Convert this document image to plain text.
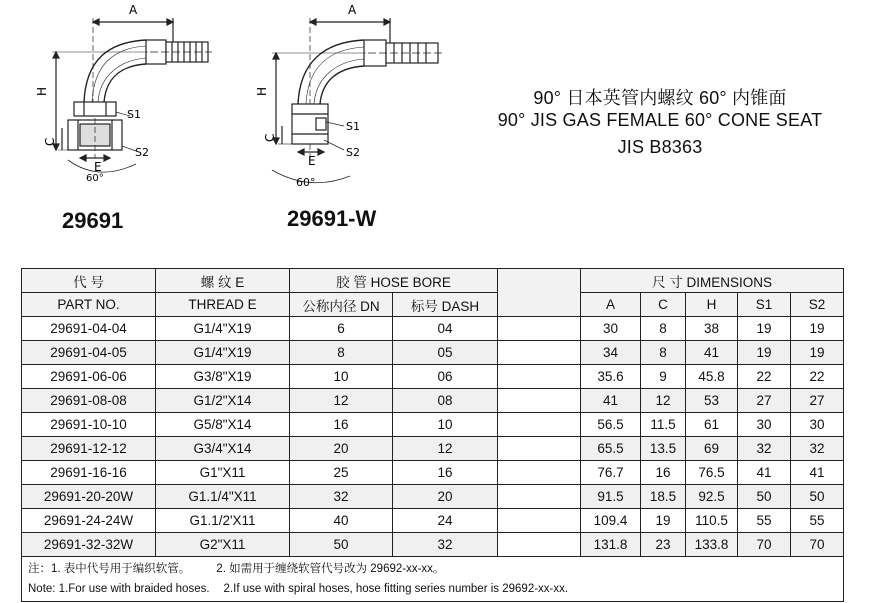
A
H
C
E
S1
S2
60°
29691
A
H
C
E
S1
S2
60°
29691-W
90° 日本英管内螺纹 60° 内锥面
90° JIS GAS FEMALE 60° CONE SEAT
JIS B8363
代 号	螺 纹 E	胶 管 HOSE BORE			尺 寸 DIMENSIONS				
PART NO.	THREAD E	公称内径 DN	标号 DASH		A	C	H	S1	S2
29691-04-04	G1/4"X19	6	04		30	8	38	19	19
29691-04-05	G1/4"X19	8	05		34	8	41	19	19
29691-06-06	G3/8"X19	10	06		35.6	9	45.8	22	22
29691-08-08	G1/2"X14	12	08		41	12	53	27	27
29691-10-10	G5/8"X14	16	10		56.5	11.5	61	30	30
29691-12-12	G3/4"X14	20	12		65.5	13.5	69	32	32
29691-16-16	G1"X11	25	16		76.7	16	76.5	41	41
29691-20-20W	G1.1/4"X11	32	20		91.5	18.5	92.5	50	50
29691-24-24W	G1.1/2'X11	40	24		109.4	19	110.5	55	55
29691-32-32W	G2"X11	50	32		131.8	23	133.8	70	70

注：1. 表中代号用于编织软管。 2. 如需用于缠绕软管代号改为 29692-xx-xx。
Note: 1.For use with braided hoses. 2.If use with spiral hoses, hose fitting series number is 29692-xx-xx.									
